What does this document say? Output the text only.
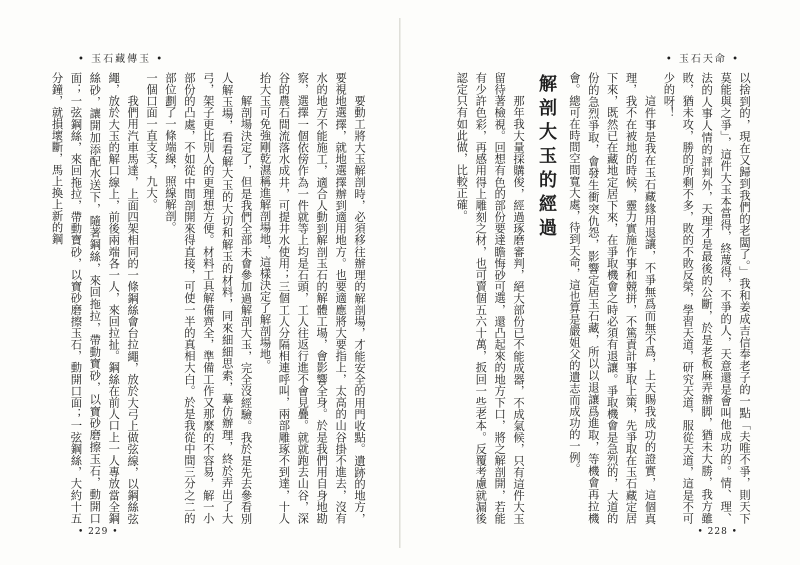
• 玉石藏傳玉 •

要動工將大玉解剖時，必須移往辦理的解剖場，才能安全的用門收點。遺跡的地方，要視地選擇，就地選擇辦到適用地方。也要適應將大要指上，太高的山谷掛不進去，沒有水的地方不能施工，適合人動到解剖玉石的解體工場，會影響全身。於是我們用自身地勘察，選擇一個依傍作為一件就等上均是石頭，工人往返行進不會見疊。就就跑去山谷，深谷的農石間流落水成井，可提井水使用；三個工人分隔相連呼叫，兩部雕琢不到達，十人抬大玉可免強剛乾濕稱進解剖場地，這樣決定了解剖場地。

解剖場決定了，但是我們全部未會參加過解剖大玉，完全沒經驗。我於是先去參看別人解玉場，看看解大玉的大切和解玉的材料，同來細細思索，摹仿辦理，終於弄出了大弓，架子更比別人的更理想方便。材料工具解備齊全，準備工作又那麼的不容易，解一小部份的凸處，不如從中間剖開來得直接，可使一半的真相大白。於是我從中間三分之二的部位劃了一條端線，照線解剖。

一個口面一直支支，九大。

我們用汽車馬達，上面四架相同的一條鋼絲會台拉繩，放於大弓上做弦線，以鋼絲弦繩，放於大玉的解口線上，前後兩端各一人，來回拉扯。鋼絲在前人口上一人專放當全鋼絲砂，讓開加添配水送下，隨著鋼絲，來回拖拉，帶動寶砂，以寶砂磨擦玉石，動開口面；一弦鋼絲，來回拖拉，帶動寶砂，以寶砂磨擦玉石，動開口面；一弦鋼絲，大約十五分鐘，就損壞斷，馬上換上新的鋼

• 229 •
• 玉石天命 •

以捨到的，現在又歸到我們的老闆了。」我和姜成吉信奉老子的一點「夫唯不爭，則天下莫能與之爭」，這件大玉本當得，終蔑得，不爭的人，天意還是會叫他成功的。情、理、法的人事人情的評判外，天理才是最後的公斷，於是老板麻弄辦脚，猶未大勝，我方雖敗，猶未攻，勝的所剩不多，敗的不敗反榮，學習天道，研究天道，服從天道，這是不可少的呀！

這件事是我在玉石藏緣用退讓，不爭無爲而無不爲，上天賜我成功的證實，這個真理，我不在被地的時候，靈力實施作事和競拼，不篤責計事取上策，先爭取在玉石藏定居下來，既然已在藏地定居下來，在爭取機會之時必須有退讓。爭取機會是急烈的，大道的份的急烈爭取，會發生衝突仇怨，影響定居玉石藏，所以以退讓爲進取，等機會再拉機會。總可在時間空間寬大處，待到天命，這也算是嚴姐父的遺志而成功的一例。

解剖大玉的經過

那年我大量採購俊，經過琢磨審判，絕大部份已不能成器，不成氣候，只有這件大玉留待著檢視。回想有色的部份要達瞻悔砂可選，還凸起來的地方下口，將之解剖開，若能有少許色彩，再感用得上雕刻之材，也可賣個五六十萬，扳回一些老本。反覆考慮就漏後認定只有如此做，比較正確。

• 228 •
